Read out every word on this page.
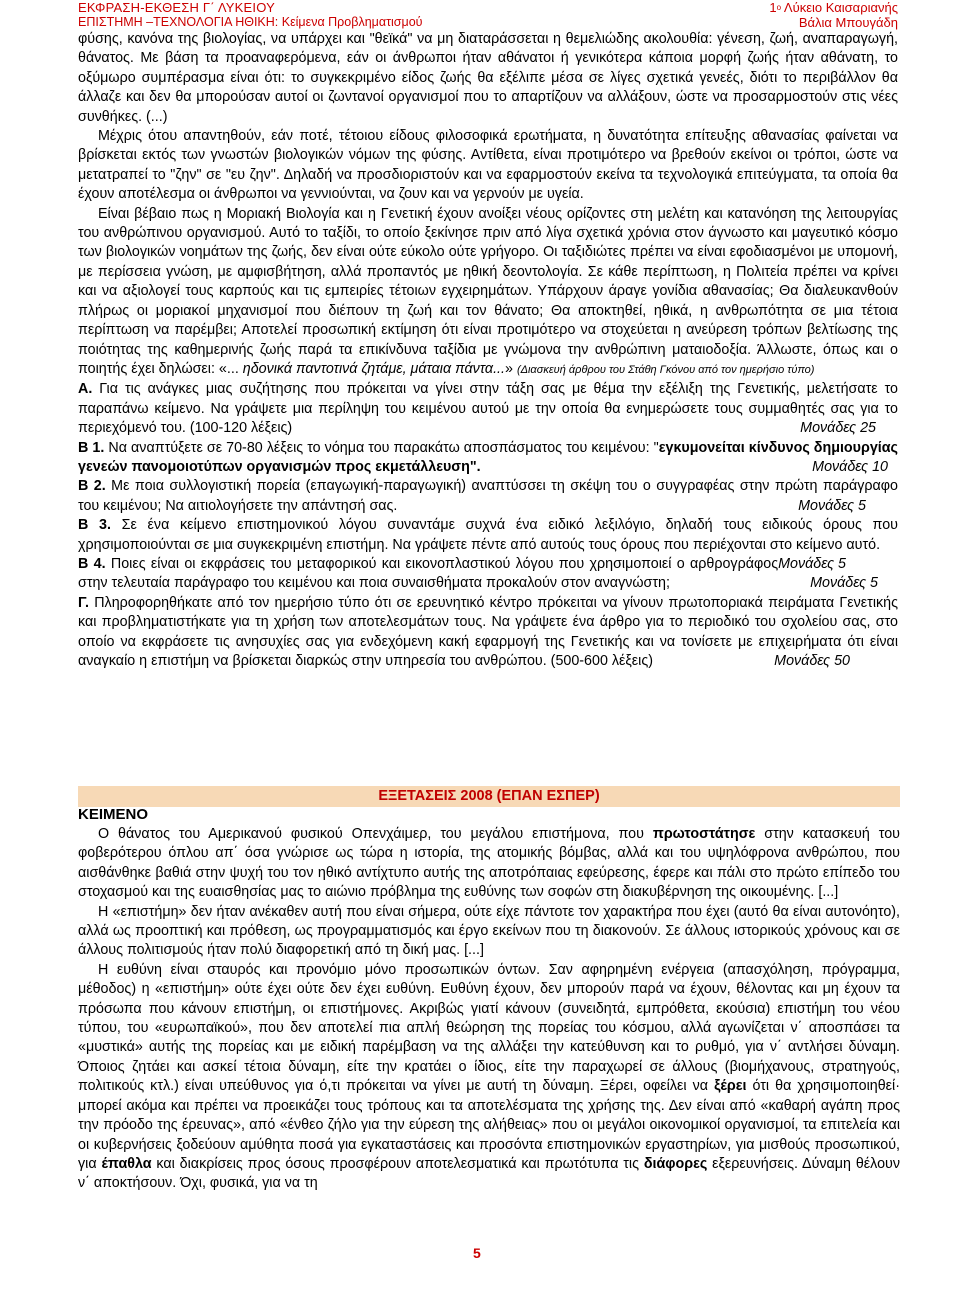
ΕΚΦΡΑΣΗ-ΕΚΘΕΣΗ Γ΄ ΛΥΚΕΙΟΥ
ΕΠΙΣΤΗΜΗ –ΤΕΧΝΟΛΟΓΙΑ ΗΘΙΚΗ: Κείμενα Προβληματισμού
$1^o$ Λύκειο Καισαριανής
Βάλια Μπουγάδη

φύσης, κανόνα της βιολογίας, να υπάρχει και "θεϊκά" να μη διαταράσσεται η θεμελιώδης ακολουθία: γένεση, ζωή, αναπαραγωγή, θάνατος. Με βάση τα προαναφερόμενα, εάν οι άνθρωποι ήταν αθάνατοι ή γενικότερα κάποια μορφή ζωής ήταν αθάνατη, το οξύμωρο συμπέρασμα είναι ότι: το συγκεκριμένο είδος ζωής θα εξέλιπε μέσα σε λίγες σχετικά γενεές, διότι το περιβάλλον θα άλλαζε και δεν θα μπορούσαν αυτοί οι ζωντανοί οργανισμοί που το απαρτίζουν να αλλάξουν, ώστε να προσαρμοστούν στις νέες συνθήκες. (...)

Μέχρις ότου απαντηθούν, εάν ποτέ, τέτοιου είδους φιλοσοφικά ερωτήματα, η δυνατότητα επίτευξης αθανασίας φαίνεται να βρίσκεται εκτός των γνωστών βιολογικών νόμων της φύσης. Αντίθετα, είναι προτιμότερο να βρεθούν εκείνοι οι τρόποι, ώστε να μετατραπεί το "ζην" σε "ευ ζην". Δηλαδή να προσδιοριστούν και να εφαρμοστούν εκείνα τα τεχνολογικά επιτεύγματα, τα οποία θα έχουν αποτέλεσμα οι άνθρωποι να γεννιούνται, να ζουν και να γερνούν με υγεία.

Είναι βέβαιο πως η Μοριακή Βιολογία και η Γενετική έχουν ανοίξει νέους ορίζοντες στη μελέτη και κατανόηση της λειτουργίας του ανθρώπινου οργανισμού. Αυτό το ταξίδι, το οποίο ξεκίνησε πριν από λίγα σχετικά χρόνια στον άγνωστο και μαγευτικό κόσμο των βιολογικών νοημάτων της ζωής, δεν είναι ούτε εύκολο ούτε γρήγορο. Οι ταξιδιώτες πρέπει να είναι εφοδιασμένοι με υπομονή, με περίσσεια γνώση, με αμφισβήτηση, αλλά προπαντός με ηθική δεοντολογία. Σε κάθε περίπτωση, η Πολιτεία πρέπει να κρίνει και να αξιολογεί τους καρπούς και τις εμπειρίες τέτοιων εγχειρημάτων. Υπάρχουν άραγε γονίδια αθανασίας; Θα διαλευκανθούν πλήρως οι μοριακοί μηχανισμοί που διέπουν τη ζωή και τον θάνατο; Θα αποκτηθεί, ηθικά, η ανθρωπότητα σε μια τέτοια περίπτωση να παρέμβει; Αποτελεί προσωπική εκτίμηση ότι είναι προτιμότερο να στοχεύεται η ανεύρεση τρόπων βελτίωσης της ποιότητας της καθημερινής ζωής παρά τα επικίνδυνα ταξίδια με γνώμονα την ανθρώπινη ματαιοδοξία. Άλλωστε, όπως και ο ποιητής έχει δηλώσει: «... ηδονικά παντοτινά ζητάμε, μάταια πάντα...» (Διασκευή άρθρου του Στάθη Γκόνου από τον ημερήσιο τύπο)

Α. Για τις ανάγκες μιας συζήτησης που πρόκειται να γίνει στην τάξη σας με θέμα την εξέλιξη της Γενετικής, μελετήσατε το παραπάνω κείμενο. Να γράψετε μια περίληψη του κειμένου αυτού με την οποία θα ενημερώσετε τους συμμαθητές σας για το περιεχόμενό του. (100-120 λέξεις)	Μονάδες 25

Β 1. Να αναπτύξετε σε 70-80 λέξεις το νόημα του παρακάτω αποσπάσματος του κειμένου: "εγκυμονείται κίνδυνος δημιουργίας γενεών πανομοιοτύπων οργανισμών προς εκμετάλλευση".	Μονάδες 10

Β 2. Με ποια συλλογιστική πορεία (επαγωγική-παραγωγική) αναπτύσσει τη σκέψη του ο συγγραφέας στην πρώτη παράγραφο του κειμένου; Να αιτιολογήσετε την απάντησή σας.	Μονάδες 5

Β 3. Σε ένα κείμενο επιστημονικού λόγου συναντάμε συχνά ένα ειδικό λεξιλόγιο, δηλαδή τους ειδικούς όρους που χρησιμοποιούνται σε μια συγκεκριμένη επιστήμη. Να γράψετε πέντε από αυτούς τους όρους που περιέχονται στο κείμενο αυτό.
Μονάδες 5

Β 4. Ποιες είναι οι εκφράσεις του μεταφορικού και εικονοπλαστικού λόγου που χρησιμοποιεί ο αρθρογράφος στην τελευταία παράγραφο του κειμένου και ποια συναισθήματα προκαλούν στον αναγνώστη;	Μονάδες 5

Γ. Πληροφορηθήκατε από τον ημερήσιο τύπο ότι σε ερευνητικό κέντρο πρόκειται να γίνουν πρωτοποριακά πειράματα Γενετικής και προβληματιστήκατε για τη χρήση των αποτελεσμάτων τους. Να γράψετε ένα άρθρο για το περιοδικό του σχολείου σας, στο οποίο να εκφράσετε τις ανησυχίες σας για ενδεχόμενη κακή εφαρμογή της Γενετικής και να τονίσετε με επιχειρήματα ότι είναι αναγκαίο η επιστήμη να βρίσκεται διαρκώς στην υπηρεσία του ανθρώπου. (500-600 λέξεις)	Μονάδες 50

ΕΞΕΤΑΣΕΙΣ 2008 (ΕΠΑΝ ΕΣΠΕΡ)
ΚΕΙΜΕΝΟ

Ο θάνατος του Αμερικανού φυσικού Οπενχάιμερ, του μεγάλου επιστήμονα, που πρωτοστάτησε στην κατασκευή του φοβερότερου όπλου απ΄ όσα γνώρισε ως τώρα η ιστορία, της ατομικής βόμβας, αλλά και του υψηλόφρονα ανθρώπου, που αισθάνθηκε βαθιά στην ψυχή του τον ηθικό αντίχτυπο αυτής της αποτρόπαιας εφεύρεσης, έφερε και πάλι στο πρώτο επίπεδο του στοχασμού και της ευαισθησίας μας το αιώνιο πρόβλημα της ευθύνης των σοφών στη διακυβέρνηση της οικουμένης. [...]

Η «επιστήμη» δεν ήταν ανέκαθεν αυτή που είναι σήμερα, ούτε είχε πάντοτε τον χαρακτήρα που έχει (αυτό θα είναι αυτονόητο), αλλά ως προοπτική και πρόθεση, ως προγραμματισμός και έργο εκείνων που τη διακονούν. Σε άλλους ιστορικούς χρόνους και σε άλλους πολιτισμούς ήταν πολύ διαφορετική από τη δική μας. [...]

Η ευθύνη είναι σταυρός και προνόμιο μόνο προσωπικών όντων. Σαν αφηρημένη ενέργεια (απασχόληση, πρόγραμμα, μέθοδος) η «επιστήμη» ούτε έχει ούτε δεν έχει ευθύνη. Ευθύνη έχουν, δεν μπορούν παρά να έχουν, θέλοντας και μη έχουν τα πρόσωπα που κάνουν επιστήμη, οι επιστήμονες. Ακριβώς γιατί κάνουν (συνειδητά, εμπρόθετα, εκούσια) επιστήμη του νέου τύπου, του «ευρωπαϊκού», που δεν αποτελεί πια απλή θεώρηση της πορείας του κόσμου, αλλά αγωνίζεται ν΄ αποσπάσει τα «μυστικά» αυτής της πορείας και με ειδική παρέμβαση να της αλλάξει την κατεύθυνση και το ρυθμό, για ν΄ αντλήσει δύναμη. Όποιος ζητάει και ασκεί τέτοια δύναμη, είτε την κρατάει ο ίδιος, είτε την παραχωρεί σε άλλους (βιομήχανους, στρατηγούς, πολιτικούς κτλ.) είναι υπεύθυνος για ό,τι πρόκειται να γίνει με αυτή τη δύναμη. Ξέρει, οφείλει να ξέρει ότι θα χρησιμοποιηθεί· μπορεί ακόμα και πρέπει να προεικάζει τους τρόπους και τα αποτελέσματα της χρήσης της. Δεν είναι από «καθαρή αγάπη προς την πρόοδο της έρευνας», από «ένθεο ζήλο για την εύρεση της αλήθειας» που οι μεγάλοι οικονομικοί οργανισμοί, τα επιτελεία και οι κυβερνήσεις ξοδεύουν αμύθητα ποσά για εγκαταστάσεις και προσόντα επιστημονικών εργαστηρίων, για μισθούς προσωπικού, για έπαθλα και διακρίσεις προς όσους προσφέρουν αποτελεσματικά και πρωτότυπα τις διάφορες εξερευνήσεις. Δύναμη θέλουν ν΄ αποκτήσουν. Όχι, φυσικά, για να τη

5
